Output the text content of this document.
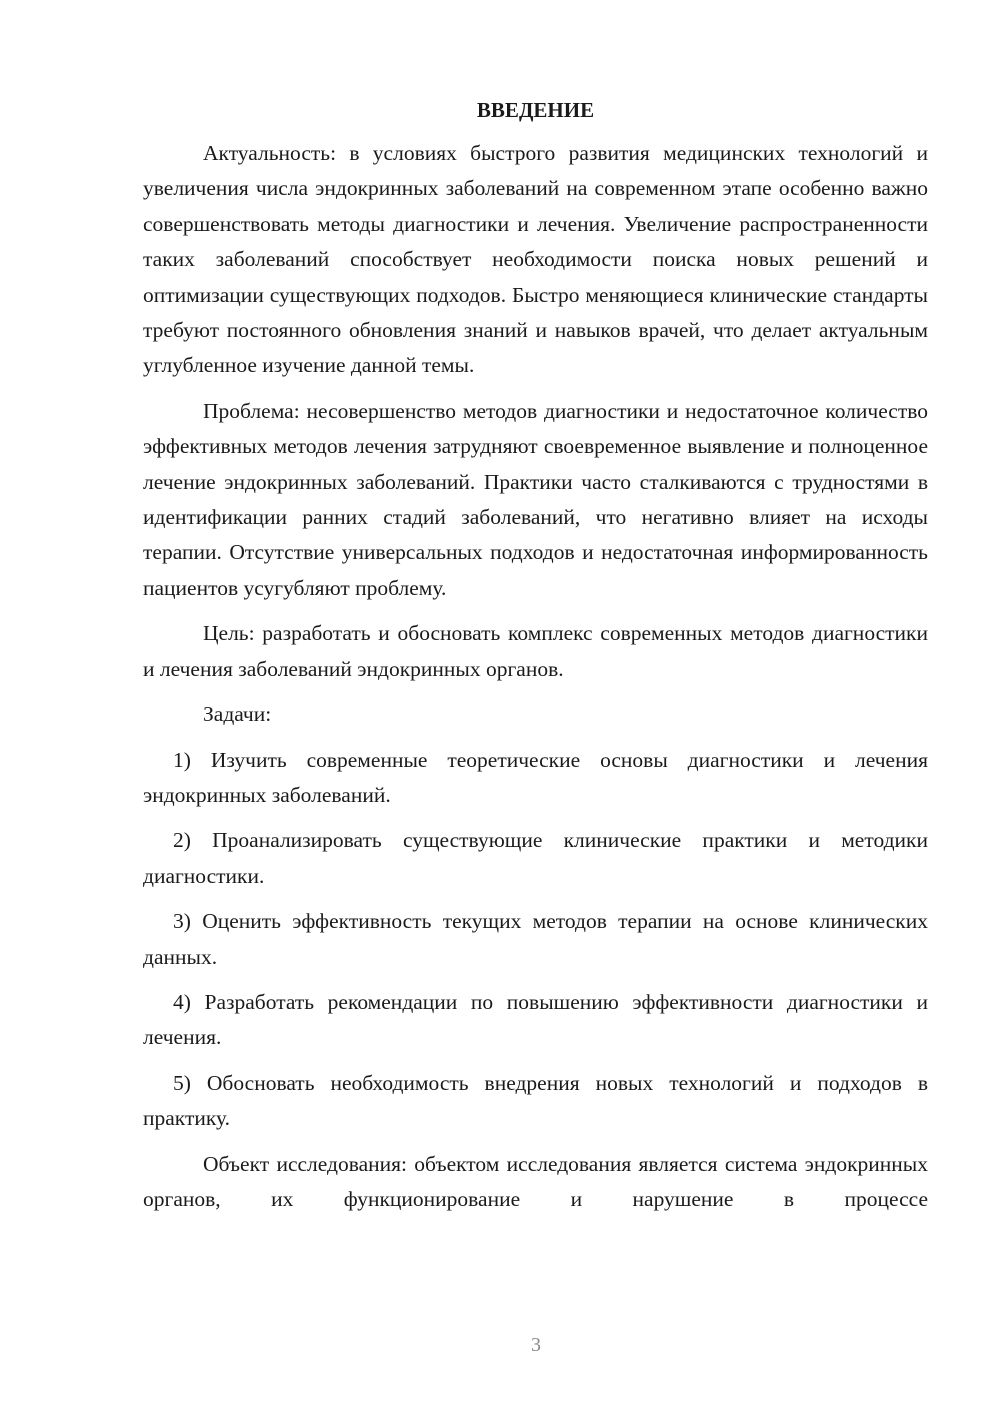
ВВЕДЕНИЕ

Актуальность: в условиях быстрого развития медицинских технологий и увеличения числа эндокринных заболеваний на современном этапе особенно важно совершенствовать методы диагностики и лечения. Увеличение распространенности таких заболеваний способствует необходимости поиска новых решений и оптимизации существующих подходов. Быстро меняющиеся клинические стандарты требуют постоянного обновления знаний и навыков врачей, что делает актуальным углубленное изучение данной темы.

Проблема: несовершенство методов диагностики и недостаточное количество эффективных методов лечения затрудняют своевременное выявление и полноценное лечение эндокринных заболеваний. Практики часто сталкиваются с трудностями в идентификации ранних стадий заболеваний, что негативно влияет на исходы терапии. Отсутствие универсальных подходов и недостаточная информированность пациентов усугубляют проблему.

Цель: разработать и обосновать комплекс современных методов диагностики и лечения заболеваний эндокринных органов.

Задачи:

1) Изучить современные теоретические основы диагностики и лечения эндокринных заболеваний.

2) Проанализировать существующие клинические практики и методики диагностики.

3) Оценить эффективность текущих методов терапии на основе клинических данных.

4) Разработать рекомендации по повышению эффективности диагностики и лечения.

5) Обосновать необходимость внедрения новых технологий и подходов в практику.

Объект исследования: объектом исследования является система эндокринных органов, их функционирование и нарушение в процессе

3
